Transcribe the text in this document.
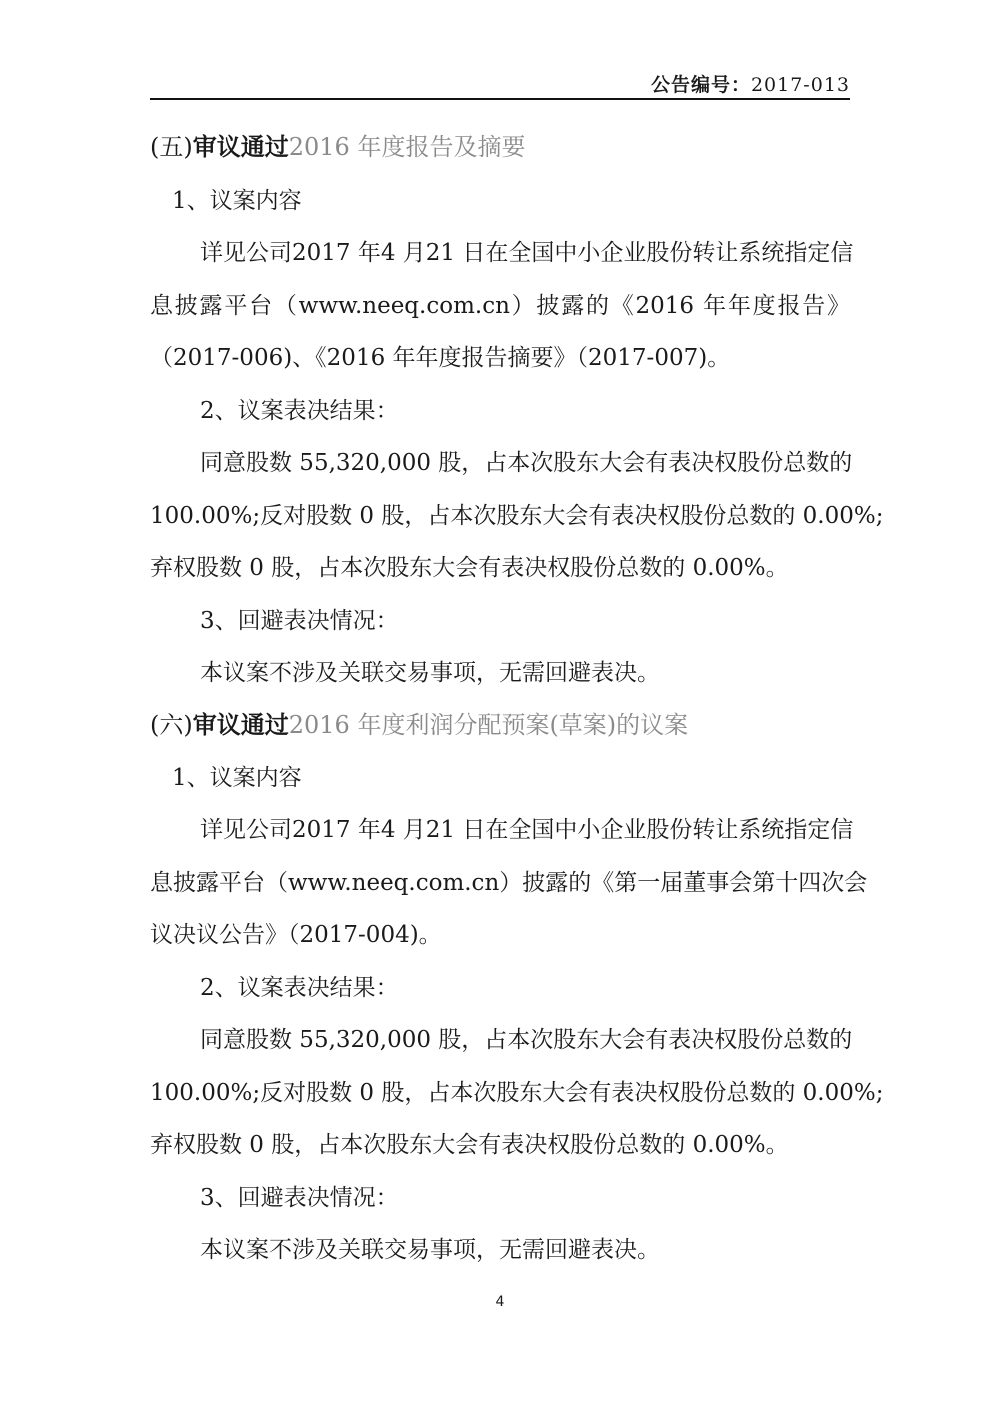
公告编号：2017-013
(五)审议通过2016 年度报告及摘要
1、议案内容
详见公司2017 年4 月21 日在全国中小企业股份转让系统指定信
息披露平台（www.neeq.com.cn）披露的《2016 年年度报告》
（2017-006)、《2016 年年度报告摘要》（2017-007)。
2、议案表决结果：
同意股数 55,320,000 股，占本次股东大会有表决权股份总数的
100.00%;反对股数 0 股，占本次股东大会有表决权股份总数的 0.00%;
弃权股数 0 股，占本次股东大会有表决权股份总数的 0.00%。
3、回避表决情况：
本议案不涉及关联交易事项，无需回避表决。
(六)审议通过2016 年度利润分配预案(草案)的议案
1、议案内容
详见公司2017 年4 月21 日在全国中小企业股份转让系统指定信
息披露平台（www.neeq.com.cn）披露的《第一届董事会第十四次会
议决议公告》（2017-004)。
2、议案表决结果：
同意股数 55,320,000 股，占本次股东大会有表决权股份总数的
100.00%;反对股数 0 股，占本次股东大会有表决权股份总数的 0.00%;
弃权股数 0 股，占本次股东大会有表决权股份总数的 0.00%。
3、回避表决情况：
本议案不涉及关联交易事项，无需回避表决。
4
